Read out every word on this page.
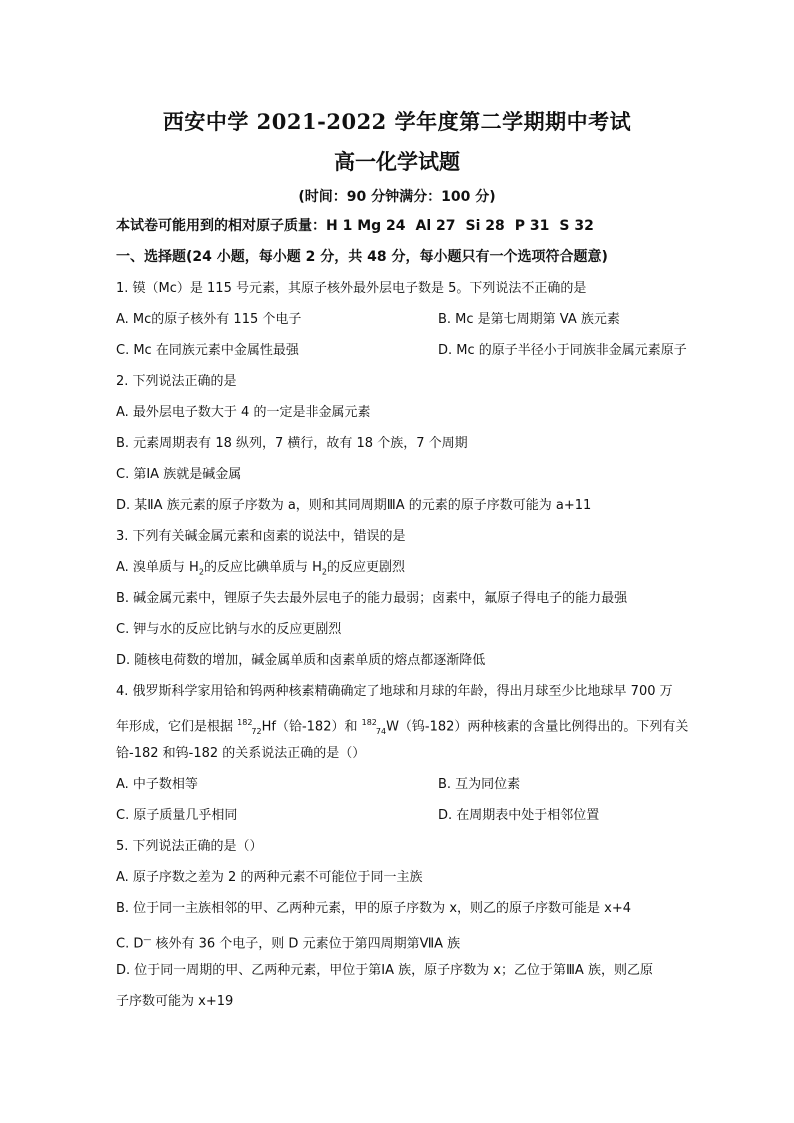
西安中学 2021-2022 学年度第二学期期中考试
高一化学试题
(时间：90 分钟满分：100 分)
本试卷可能用到的相对原子质量：H 1 Mg 24 Al 27 Si 28 P 31 S 32
一、选择题(24 小题，每小题 2 分，共 48 分，每小题只有一个选项符合题意)
1. 镆（Mc）是 115 号元素，其原子核外最外层电子数是 5。下列说法不正确的是
A. Mc的原子核外有 115 个电子	B. Mc 是第七周期第 VA 族元素
C. Mc 在同族元素中金属性最强	D. Mc 的原子半径小于同族非金属元素原子
2. 下列说法正确的是
A. 最外层电子数大于 4 的一定是非金属元素
B. 元素周期表有 18 纵列，7 横行，故有 18 个族，7 个周期
C. 第ⅠA 族就是碱金属
D. 某ⅡA 族元素的原子序数为 a，则和其同周期ⅢA 的元素的原子序数可能为 a+11
3. 下列有关碱金属元素和卤素的说法中，错误的是
A. 溴单质与 $H_2$的反应比碘单质与 $H_2$的反应更剧烈
B. 碱金属元素中，锂原子失去最外层电子的能力最弱；卤素中，氟原子得电子的能力最强
C. 钾与水的反应比钠与水的反应更剧烈
D. 随核电荷数的增加，碱金属单质和卤素单质的熔点都逐渐降低
4. 俄罗斯科学家用铪和钨两种核素精确确定了地球和月球的年龄，得出月球至少比地球早 700 万
年形成，它们是根据 $^{182}_{72}$Hf（铪-182）和 $^{182}_{74}$W（钨-182）两种核素的含量比例得出的。下列有关
铪-182 和钨-182 的关系说法正确的是（）
A. 中子数相等	B. 互为同位素
C. 原子质量几乎相同	D. 在周期表中处于相邻位置
5. 下列说法正确的是（）
A. 原子序数之差为 2 的两种元素不可能位于同一主族
B. 位于同一主族相邻的甲、乙两种元素，甲的原子序数为 x，则乙的原子序数可能是 x+4
C. D— 核外有 36 个电子，则 D 元素位于第四周期第ⅦA 族
D. 位于同一周期的甲、乙两种元素，甲位于第ⅠA 族，原子序数为 x；乙位于第ⅢA 族，则乙原
子序数可能为 x+19
